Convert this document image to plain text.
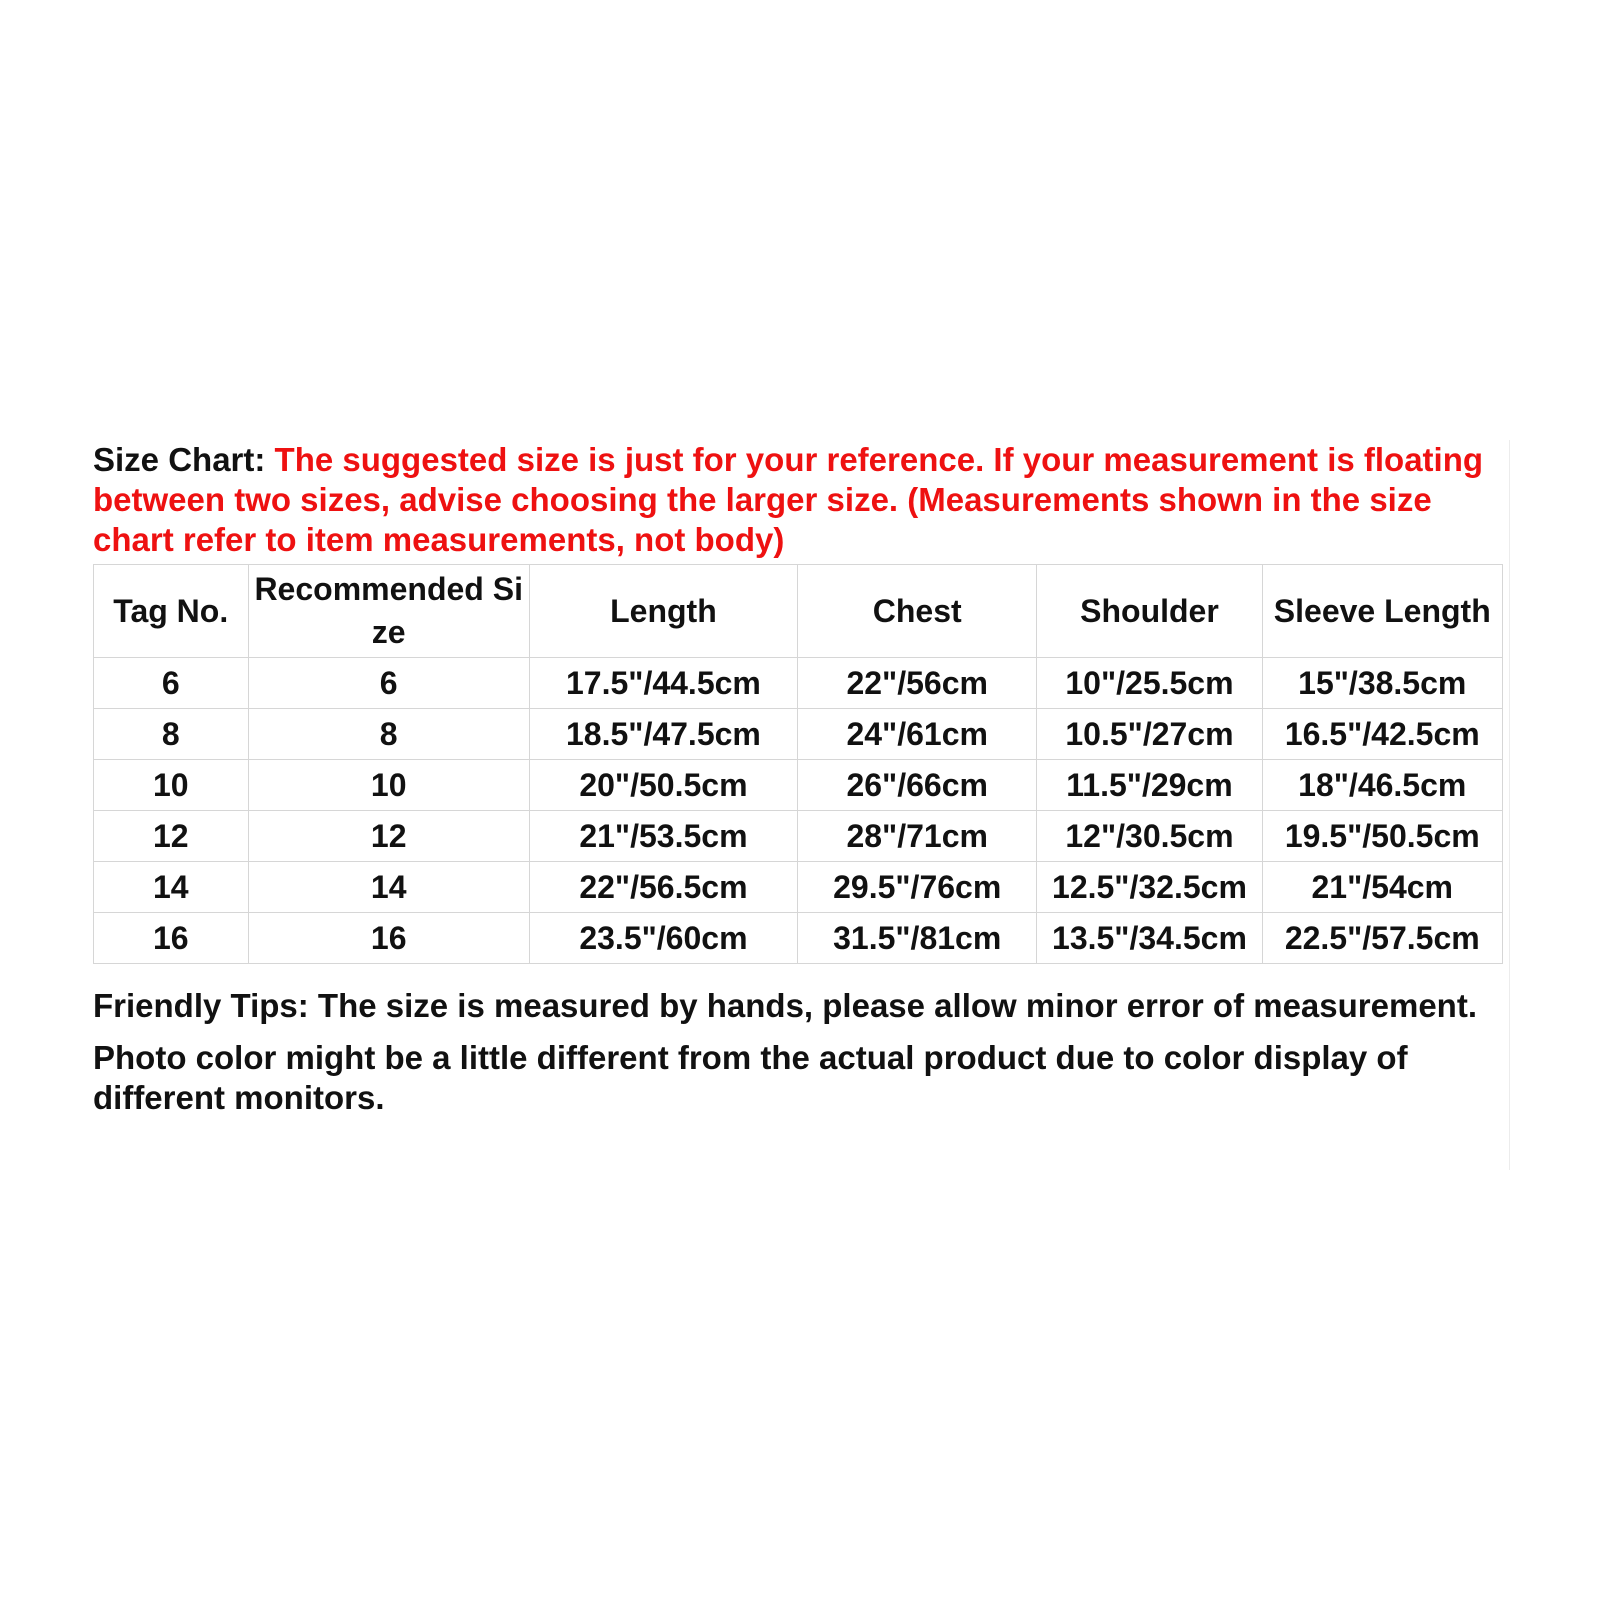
Size Chart: The suggested size is just for your reference. If your measurement is floating between two sizes, advise choosing the larger size. (Measurements shown in the size chart refer to item measurements, not body)

Tag No.	Recommended Size	Length	Chest	Shoulder	Sleeve Length
6	6	17.5"/44.5cm	22"/56cm	10"/25.5cm	15"/38.5cm
8	8	18.5"/47.5cm	24"/61cm	10.5"/27cm	16.5"/42.5cm
10	10	20"/50.5cm	26"/66cm	11.5"/29cm	18"/46.5cm
12	12	21"/53.5cm	28"/71cm	12"/30.5cm	19.5"/50.5cm
14	14	22"/56.5cm	29.5"/76cm	12.5"/32.5cm	21"/54cm
16	16	23.5"/60cm	31.5"/81cm	13.5"/34.5cm	22.5"/57.5cm

Friendly Tips: The size is measured by hands, please allow minor error of measurement.

Photo color might be a little different from the actual product due to color display of different monitors.
